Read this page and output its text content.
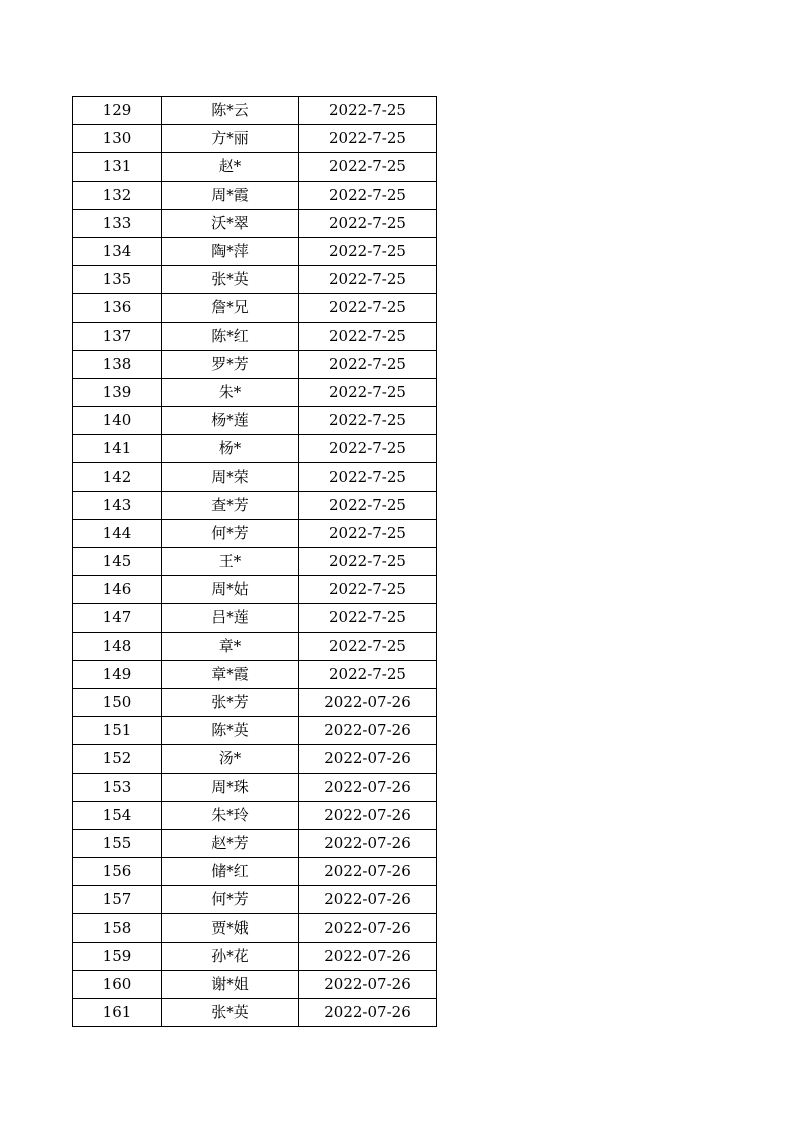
129	陈*云	2022-7-25
130	方*丽	2022-7-25
131	赵*	2022-7-25
132	周*霞	2022-7-25
133	沃*翠	2022-7-25
134	陶*萍	2022-7-25
135	张*英	2022-7-25
136	詹*兄	2022-7-25
137	陈*红	2022-7-25
138	罗*芳	2022-7-25
139	朱*	2022-7-25
140	杨*莲	2022-7-25
141	杨*	2022-7-25
142	周*荣	2022-7-25
143	查*芳	2022-7-25
144	何*芳	2022-7-25
145	王*	2022-7-25
146	周*姑	2022-7-25
147	吕*莲	2022-7-25
148	章*	2022-7-25
149	章*霞	2022-7-25
150	张*芳	2022-07-26
151	陈*英	2022-07-26
152	汤*	2022-07-26
153	周*珠	2022-07-26
154	朱*玲	2022-07-26
155	赵*芳	2022-07-26
156	储*红	2022-07-26
157	何*芳	2022-07-26
158	贾*娥	2022-07-26
159	孙*花	2022-07-26
160	谢*姐	2022-07-26
161	张*英	2022-07-26
